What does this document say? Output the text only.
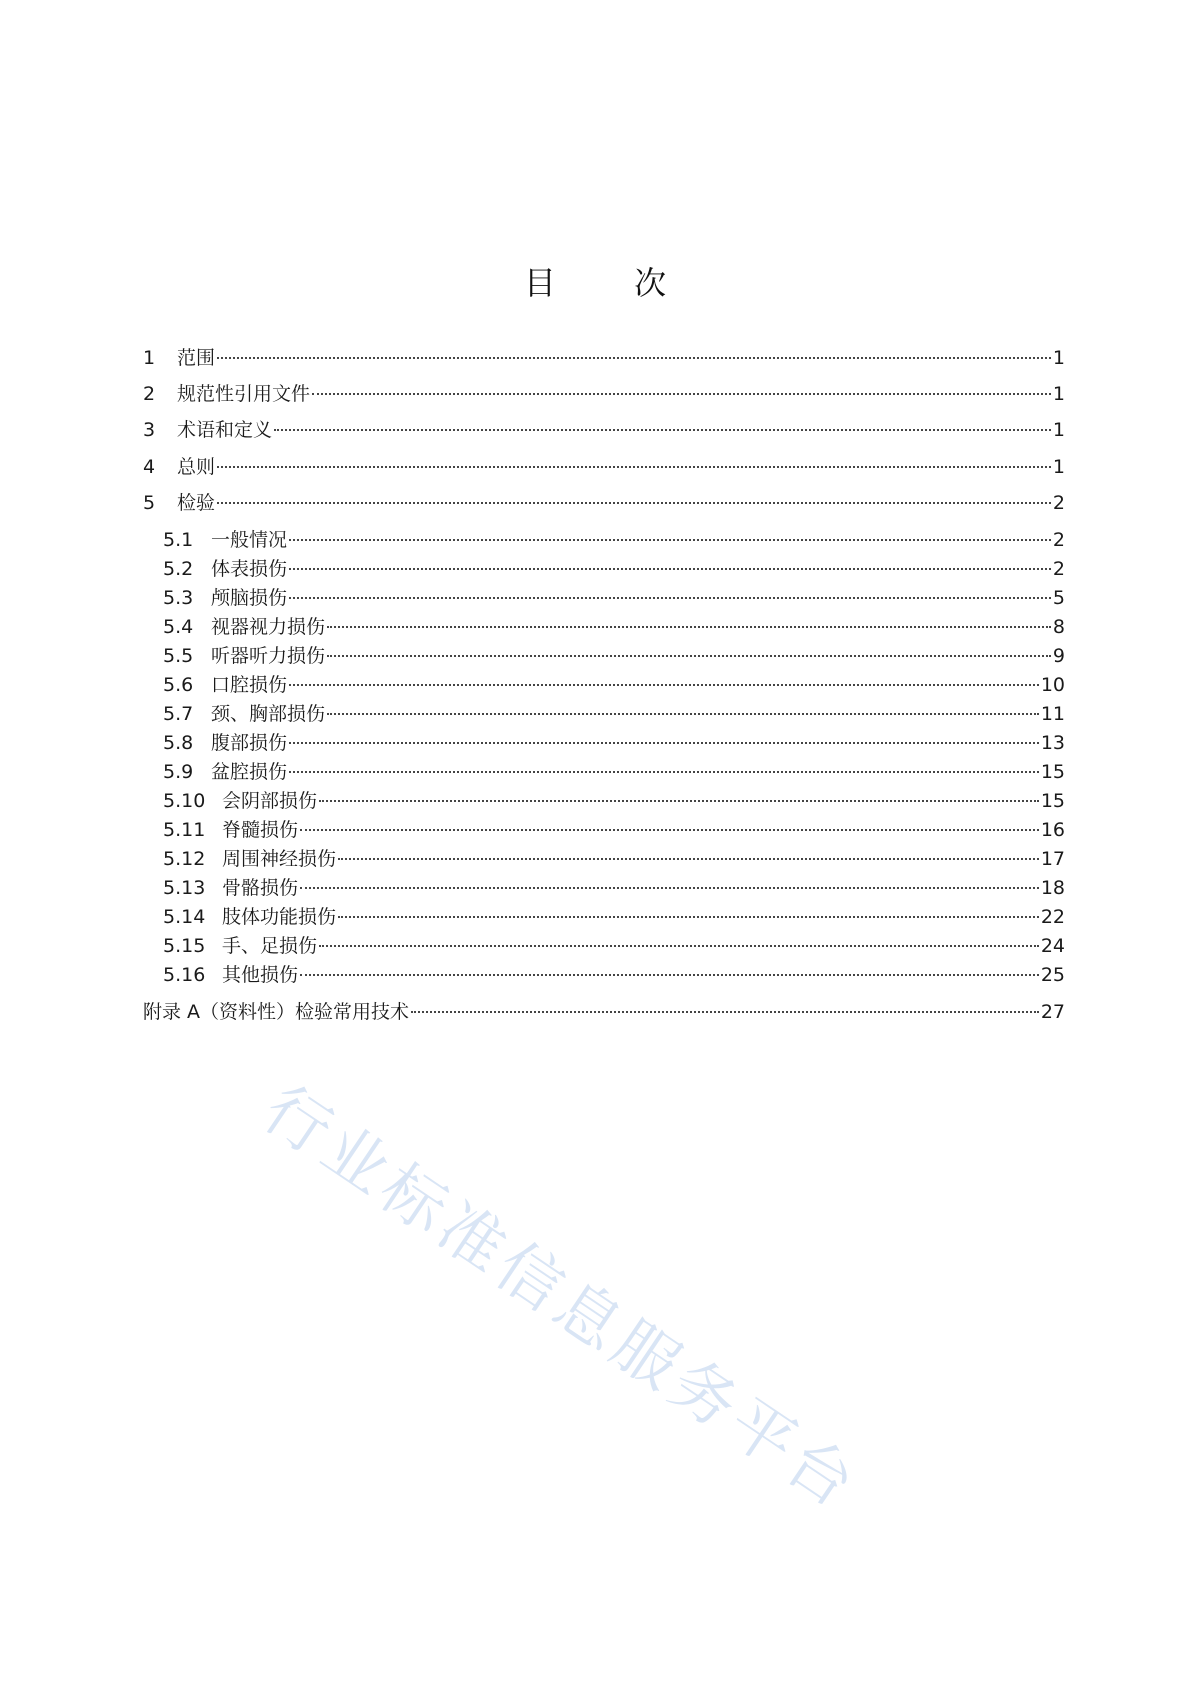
目 次
1	范围	1
2	规范性引用文件	1
3	术语和定义	1
4	总则	1
5	检验	2
5.1 一般情况	2
5.2 体表损伤	2
5.3 颅脑损伤	5
5.4 视器视力损伤	8
5.5 听器听力损伤	9
5.6 口腔损伤	10
5.7 颈、胸部损伤	11
5.8 腹部损伤	13
5.9 盆腔损伤	15
5.10 会阴部损伤	15
5.11 脊髓损伤	16
5.12 周围神经损伤	17
5.13 骨骼损伤	18
5.14 肢体功能损伤	22
5.15 手、足损伤	24
5.16 其他损伤	25
附录 A（资料性）检验常用技术	27
行业标准信息服务平台
